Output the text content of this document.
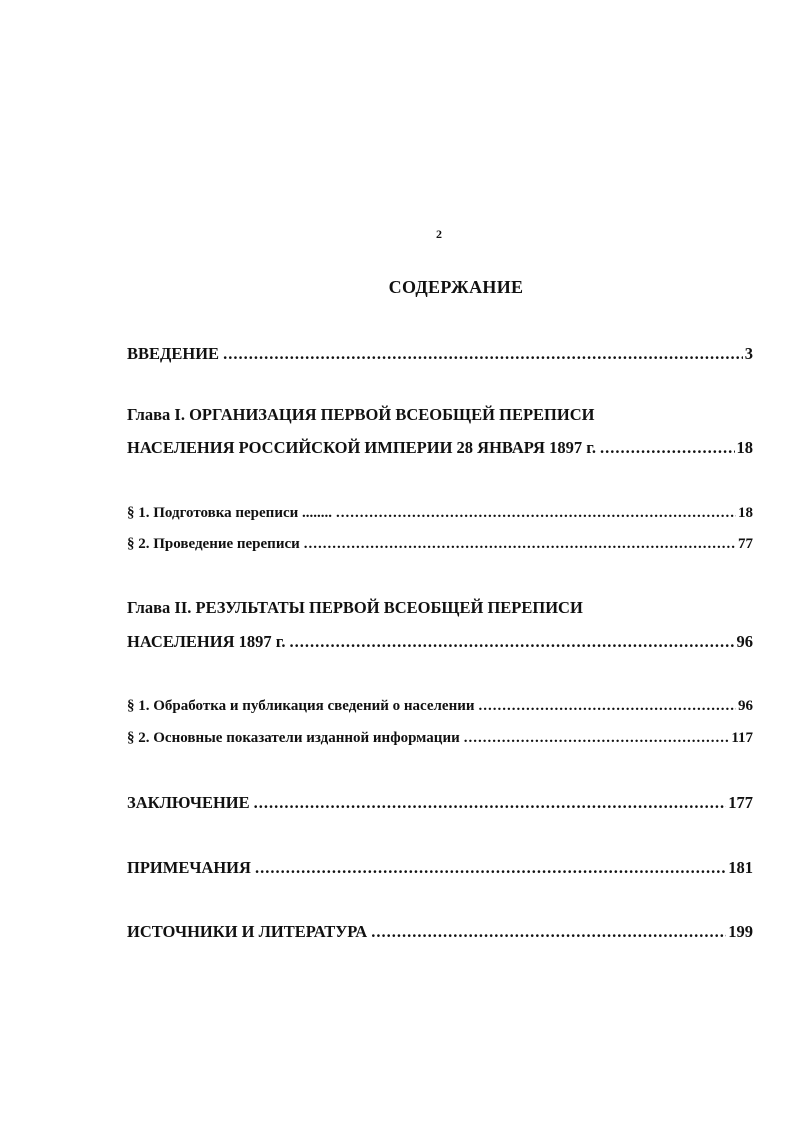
2
СОДЕРЖАНИЕ
ВВЕДЕНИЕ .....	3
Глава I. ОРГАНИЗАЦИЯ ПЕРВОЙ ВСЕОБЩЕЙ ПЕРЕПИСИ
НАСЕЛЕНИЯ РОССИЙСКОЙ ИМПЕРИИ 28 ЯНВАРЯ 1897 г. .....	18
§ 1. Подготовка переписи ........ .....	18
§ 2. Проведение переписи .....	77
Глава II. РЕЗУЛЬТАТЫ ПЕРВОЙ ВСЕОБЩЕЙ ПЕРЕПИСИ
НАСЕЛЕНИЯ 1897 г. .....	96
§ 1. Обработка и публикация сведений о населении .....	96
§ 2. Основные показатели изданной информации .....	117
ЗАКЛЮЧЕНИЕ .....	177
ПРИМЕЧАНИЯ .....	181
ИСТОЧНИКИ И ЛИТЕРАТУРА .....	199
